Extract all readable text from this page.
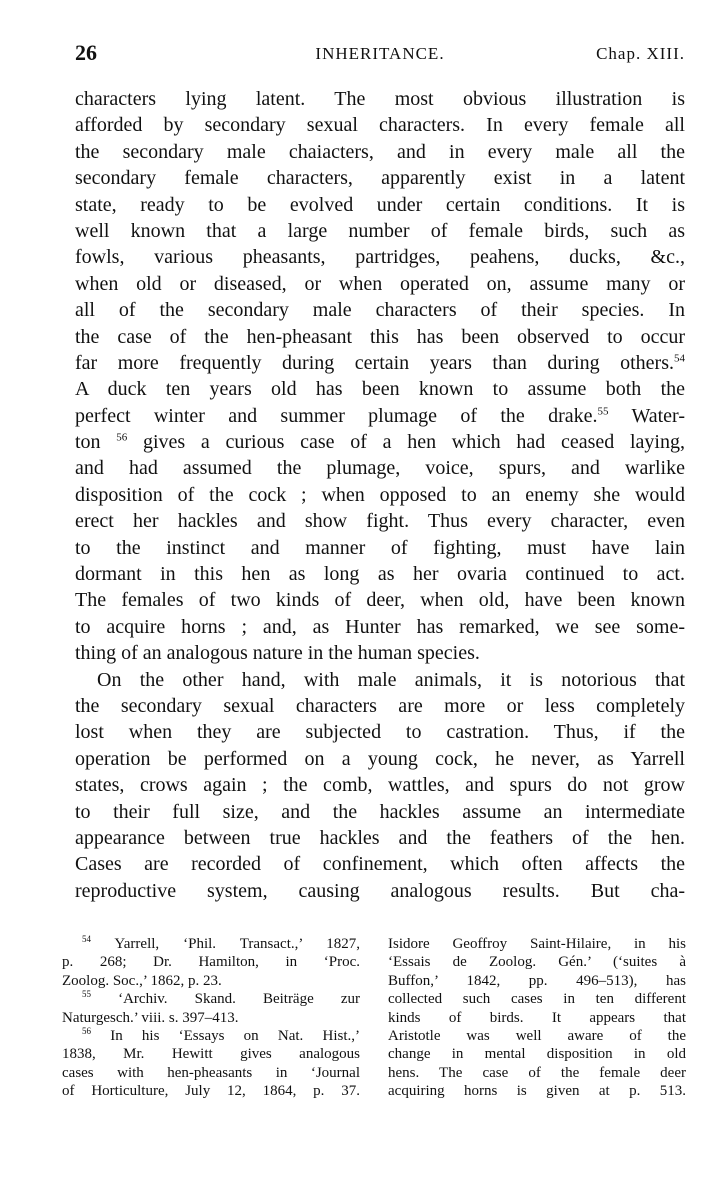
26	INHERITANCE.	Chap. XIII.
characters lying latent. The most obvious illustration is
afforded by secondary sexual characters. In every female all
the secondary male chaiacters, and in every male all the
secondary female characters, apparently exist in a latent
state, ready to be evolved under certain conditions. It is
well known that a large number of female birds, such as
fowls, various pheasants, partridges, peahens, ducks, &c.,
when old or diseased, or when operated on, assume many or
all of the secondary male characters of their species. In
the case of the hen-pheasant this has been observed to occur
far more frequently during certain years than during others.$^{54}$
A duck ten years old has been known to assume both the
perfect winter and summer plumage of the drake.$^{55}$ Water-
ton $^{56}$ gives a curious case of a hen which had ceased laying,
and had assumed the plumage, voice, spurs, and warlike
disposition of the cock ; when opposed to an enemy she would
erect her hackles and show fight. Thus every character, even
to the instinct and manner of fighting, must have lain
dormant in this hen as long as her ovaria continued to act.
The females of two kinds of deer, when old, have been known
to acquire horns ; and, as Hunter has remarked, we see some-
thing of an analogous nature in the human species.
On the other hand, with male animals, it is notorious that
the secondary sexual characters are more or less completely
lost when they are subjected to castration. Thus, if the
operation be performed on a young cock, he never, as Yarrell
states, crows again ; the comb, wattles, and spurs do not grow
to their full size, and the hackles assume an intermediate
appearance between true hackles and the feathers of the hen.
Cases are recorded of confinement, which often affects the
reproductive system, causing analogous results. But cha-
$^{54}$ Yarrell, ‘Phil. Transact.,’ 1827,
p. 268; Dr. Hamilton, in ‘Proc.
Zoolog. Soc.,’ 1862, p. 23.
$^{55}$ ‘Archiv. Skand. Beiträge zur
Naturgesch.’ viii. s. 397–413.
$^{56}$ In his ‘Essays on Nat. Hist.,’
1838, Mr. Hewitt gives analogous
cases with hen-pheasants in ‘Journal
of Horticulture, July 12, 1864, p. 37.
Isidore Geoffroy Saint-Hilaire, in his
‘Essais de Zoolog. Gén.’ (‘suites à
Buffon,’ 1842, pp. 496–513), has
collected such cases in ten different
kinds of birds. It appears that
Aristotle was well aware of the
change in mental disposition in old
hens. The case of the female deer
acquiring horns is given at p. 513.
